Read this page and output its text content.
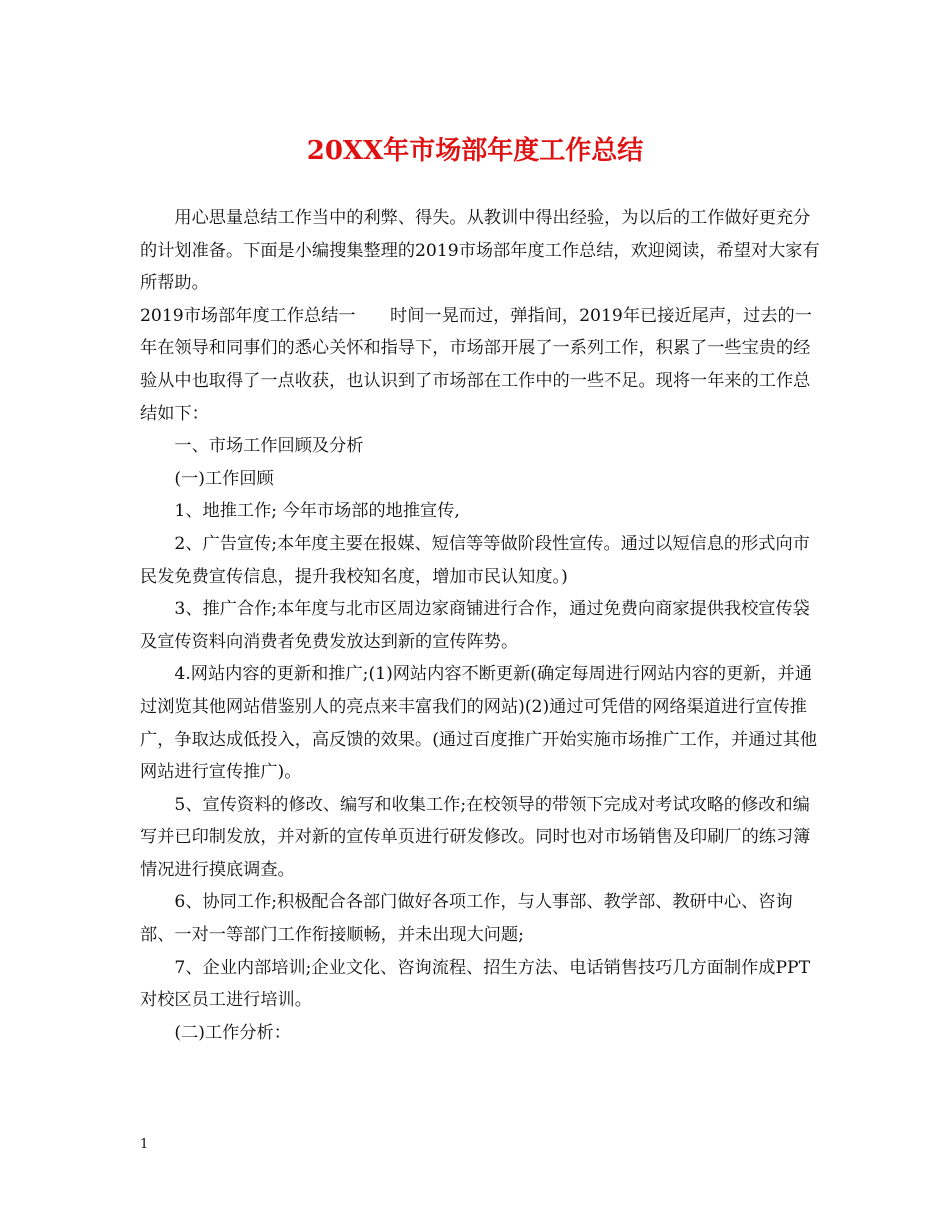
20XX年市场部年度工作总结

用心思量总结工作当中的利弊、得失。从教训中得出经验，为以后的工作做好更充分的计划准备。下面是小编搜集整理的2019市场部年度工作总结，欢迎阅读，希望对大家有所帮助。

2019市场部年度工作总结一 时间一晃而过，弹指间，2019年已接近尾声，过去的一年在领导和同事们的悉心关怀和指导下，市场部开展了一系列工作，积累了一些宝贵的经验从中也取得了一点收获，也认识到了市场部在工作中的一些不足。现将一年来的工作总结如下：

一、市场工作回顾及分析

(一)工作回顾

1、地推工作; 今年市场部的地推宣传,

2、广告宣传;本年度主要在报媒、短信等等做阶段性宣传。通过以短信息的形式向市民发免费宣传信息，提升我校知名度，增加市民认知度。)

3、推广合作;本年度与北市区周边家商铺进行合作，通过免费向商家提供我校宣传袋及宣传资料向消费者免费发放达到新的宣传阵势。

4.网站内容的更新和推广;(1)网站内容不断更新(确定每周进行网站内容的更新，并通过浏览其他网站借鉴别人的亮点来丰富我们的网站)(2)通过可凭借的网络渠道进行宣传推广，争取达成低投入，高反馈的效果。(通过百度推广开始实施市场推广工作，并通过其他网站进行宣传推广)。

5、宣传资料的修改、编写和收集工作;在校领导的带领下完成对考试攻略的修改和编写并已印制发放，并对新的宣传单页进行研发修改。同时也对市场销售及印刷厂的练习簿情况进行摸底调查。

6、协同工作;积极配合各部门做好各项工作，与人事部、教学部、教研中心、咨询部、一对一等部门工作衔接顺畅，并未出现大问题;

7、企业内部培训;企业文化、咨询流程、招生方法、电话销售技巧几方面制作成PPT对校区员工进行培训。

(二)工作分析：

1
